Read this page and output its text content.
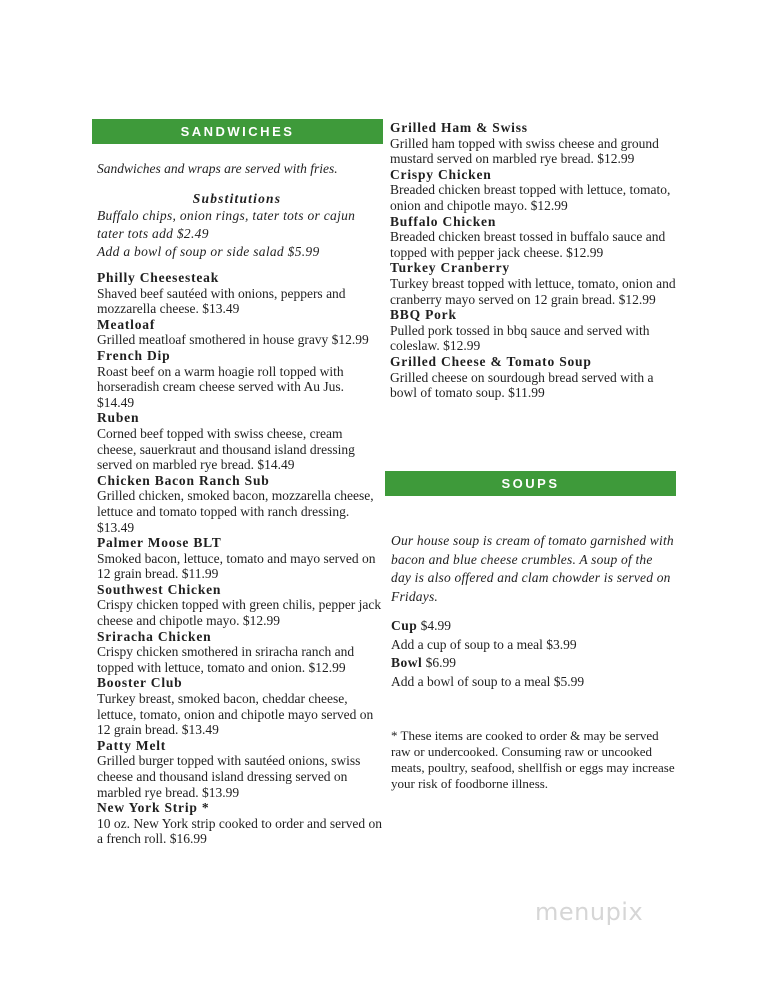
SANDWICHES
Sandwiches and wraps are served with fries.
Substitutions
Buffalo chips, onion rings, tater tots or cajun tater tots add $2.49
Add a bowl of soup or side salad $5.99
Philly Cheesesteak
Shaved beef sautéed with onions, peppers and mozzarella cheese. $13.49
Meatloaf
Grilled meatloaf smothered in house gravy $12.99
French Dip
Roast beef on a warm hoagie roll topped with horseradish cream cheese served with Au Jus. $14.49
Ruben
Corned beef topped with swiss cheese, cream cheese, sauerkraut and thousand island dressing served on marbled rye bread. $14.49
Chicken Bacon Ranch Sub
Grilled chicken, smoked bacon, mozzarella cheese, lettuce and tomato topped with ranch dressing. $13.49
Palmer Moose BLT
Smoked bacon, lettuce, tomato and mayo served on 12 grain bread. $11.99
Southwest Chicken
Crispy chicken topped with green chilis, pepper jack cheese and chipotle mayo. $12.99
Sriracha Chicken
Crispy chicken smothered in sriracha ranch and topped with lettuce, tomato and onion. $12.99
Booster Club
Turkey breast, smoked bacon, cheddar cheese, lettuce, tomato, onion and chipotle mayo served on 12 grain bread. $13.49
Patty Melt
Grilled burger topped with sautéed onions, swiss cheese and thousand island dressing served on marbled rye bread. $13.99
New York Strip *
10 oz. New York strip cooked to order and served on a french roll. $16.99
Grilled Ham & Swiss
Grilled ham topped with swiss cheese and ground mustard served on marbled rye bread. $12.99
Crispy Chicken
Breaded chicken breast topped with lettuce, tomato, onion and chipotle mayo. $12.99
Buffalo Chicken
Breaded chicken breast tossed in buffalo sauce and topped with pepper jack cheese. $12.99
Turkey Cranberry
Turkey breast topped with lettuce, tomato, onion and cranberry mayo served on 12 grain bread. $12.99
BBQ Pork
Pulled pork tossed in bbq sauce and served with coleslaw. $12.99
Grilled Cheese & Tomato Soup
Grilled cheese on sourdough bread served with a bowl of tomato soup. $11.99
SOUPS
Our house soup is cream of tomato garnished with bacon and blue cheese crumbles. A soup of the day is also offered and clam chowder is served on Fridays.
Cup $4.99
Add a cup of soup to a meal $3.99
Bowl $6.99
Add a bowl of soup to a meal $5.99
* These items are cooked to order & may be served raw or undercooked. Consuming raw or uncooked meats, poultry, seafood, shellfish or eggs may increase your risk of foodborne illness.
menupix
